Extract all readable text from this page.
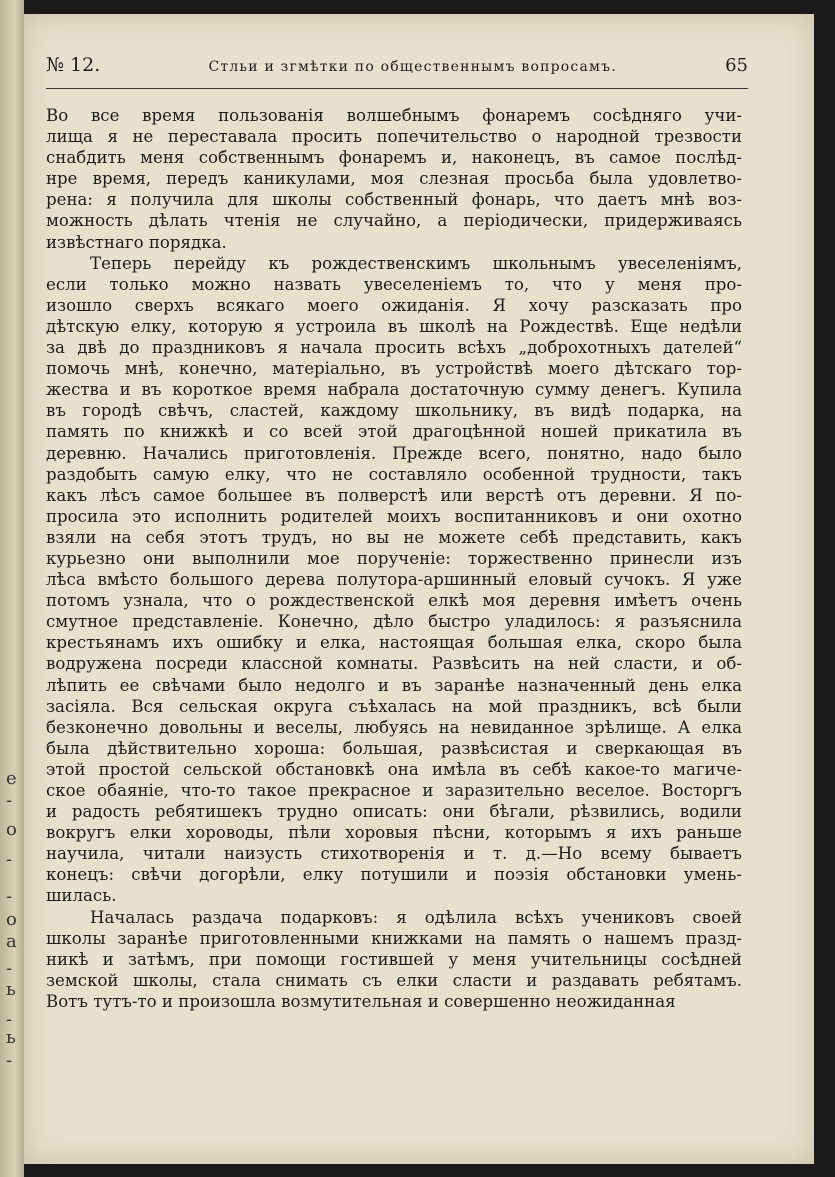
е
-
о
-
-
о
а
-
ь
-
ь
-
№ 12.	Стльи и згмѣтки по общественнымъ вопросамъ.	65

Во все время пользованія волшебнымъ фонаремъ сосѣдняго учи-

лища я не переставала просить попечительство о народной трезвости

снабдить меня собственнымъ фонаремъ и, наконецъ, въ самое послѣд-

нре время, передъ каникулами, моя слезная просьба была удовлетво-

рена: я получила для школы собственный фонарь, что даетъ мнѣ воз-

можность дѣлать чтенія не случайно, а періодически, придерживаясь

извѣстнаго порядка.

Теперь перейду къ рождественскимъ школьнымъ увеселеніямъ,

если только можно назвать увеселеніемъ то, что у меня про-

изошло сверхъ всякаго моего ожиданія. Я хочу разсказать про

дѣтскую елку, которую я устроила въ школѣ на Рождествѣ. Еще недѣли

за двѣ до праздниковъ я начала просить всѣхъ „доброхотныхъ дателей“

помочь мнѣ, конечно, матеріально, въ устройствѣ моего дѣтскаго тор-

жества и въ короткое время набрала достаточную сумму денегъ. Купила

въ городѣ свѣчъ, сластей, каждому школьнику, въ видѣ подарка, на

память по книжкѣ и со всей этой драгоцѣнной ношей прикатила въ

деревню. Начались приготовленія. Прежде всего, понятно, надо было

раздобыть самую елку, что не составляло особенной трудности, такъ

какъ лѣсъ самое большее въ полверстѣ или верстѣ отъ деревни. Я по-

просила это исполнить родителей моихъ воспитанниковъ и они охотно

взяли на себя этотъ трудъ, но вы не можете себѣ представить, какъ

курьезно они выполнили мое порученіе: торжественно принесли изъ

лѣса вмѣсто большого дерева полутора-аршинный еловый сучокъ. Я уже

потомъ узнала, что о рождественской елкѣ моя деревня имѣетъ очень

смутное представленіе. Конечно, дѣло быстро уладилось: я разъяснила

крестьянамъ ихъ ошибку и елка, настоящая большая елка, скоро была

водружена посреди классной комнаты. Развѣсить на ней сласти, и об-

лѣпить ее свѣчами было недолго и въ заранѣе назначенный день елка

засіяла. Вся сельская округа съѣхалась на мой праздникъ, всѣ были

безконечно довольны и веселы, любуясь на невиданное зрѣлище. А елка

была дѣйствительно хороша: большая, развѣсистая и сверкающая въ

этой простой сельской обстановкѣ она имѣла въ себѣ какое-то магиче-

ское обаяніе, что-то такое прекрасное и заразительно веселое. Восторгъ

и радость ребятишекъ трудно описать: они бѣгали, рѣзвились, водили

вокругъ елки хороводы, пѣли хоровыя пѣсни, которымъ я ихъ раньше

научила, читали наизусть стихотворенія и т. д.—Но всему бываетъ

конецъ: свѣчи догорѣли, елку потушили и поэзія обстановки умень-

шилась.

Началась раздача подарковъ: я одѣлила всѣхъ учениковъ своей

школы заранѣе приготовленными книжками на память о нашемъ празд-

никѣ и затѣмъ, при помощи гостившей у меня учительницы сосѣдней

земской школы, стала снимать съ елки сласти и раздавать ребятамъ.

Вотъ тутъ-то и произошла возмутительная и совершенно неожиданная
